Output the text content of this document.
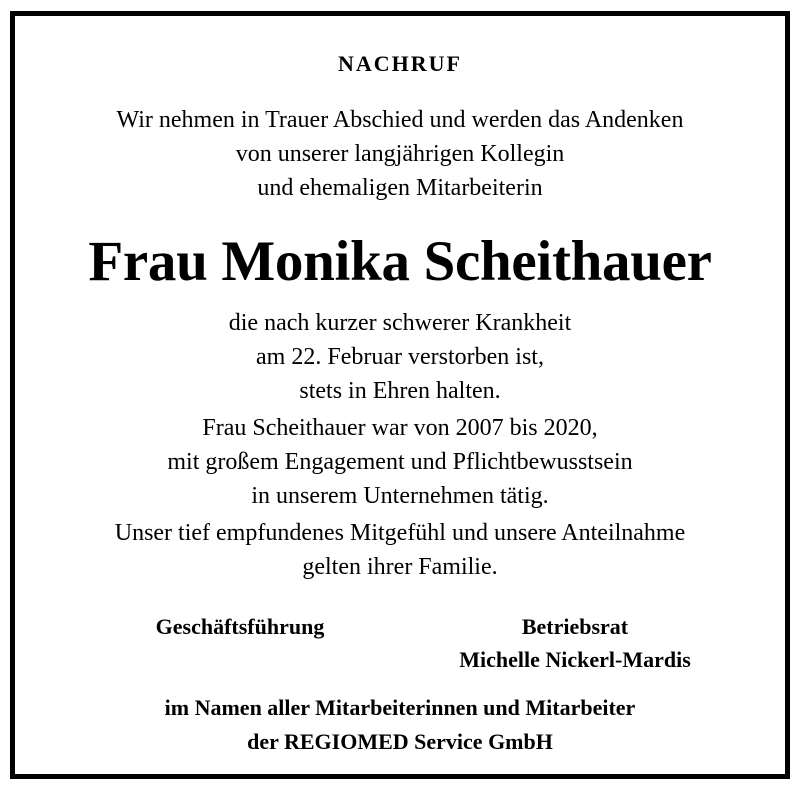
NACHRUF
Wir nehmen in Trauer Abschied und werden das Andenken
von unserer langjährigen Kollegin
und ehemaligen Mitarbeiterin
Frau Monika Scheithauer
die nach kurzer schwerer Krankheit
am 22. Februar verstorben ist,
stets in Ehren halten.
Frau Scheithauer war von 2007 bis 2020,
mit großem Engagement und Pflichtbewusstsein
in unserem Unternehmen tätig.
Unser tief empfundenes Mitgefühl und unsere Anteilnahme
gelten ihrer Familie.
Geschäftsführung	Betriebsrat
Michelle Nickerl-Mardis
im Namen aller Mitarbeiterinnen und Mitarbeiter
der REGIOMED Service GmbH
